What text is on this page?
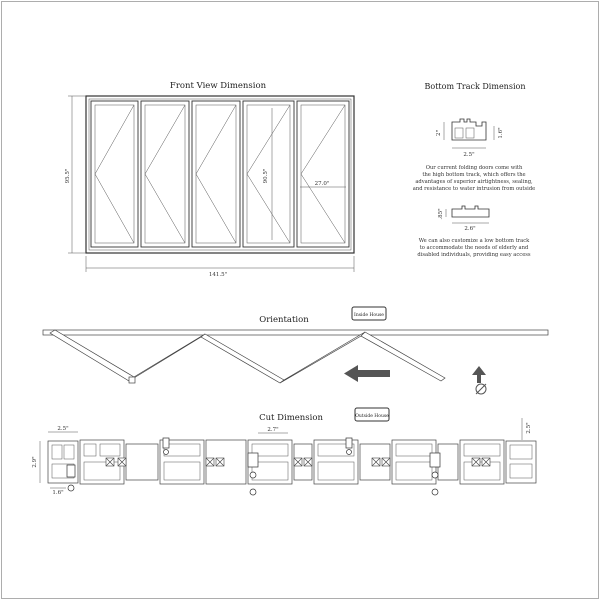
Front View Dimension
90.5"
27.0"
95.5"
141.5"
Bottom Track Dimension
2"	1.6"
2.5"
Our current folding doors come with
the high bottom track, which offers the
advantages of superior airtightness, sealing,
and resistance to water intrusion from outside
.85"
2.6"
We can also customize a low bottom track
to accommodate the needs of elderly and
disabled individuals, providing easy access
Orientation	Inside House
Cut Dimension	Outside House
2.5"
2.9"
1.6"
2.7"	2.5"
